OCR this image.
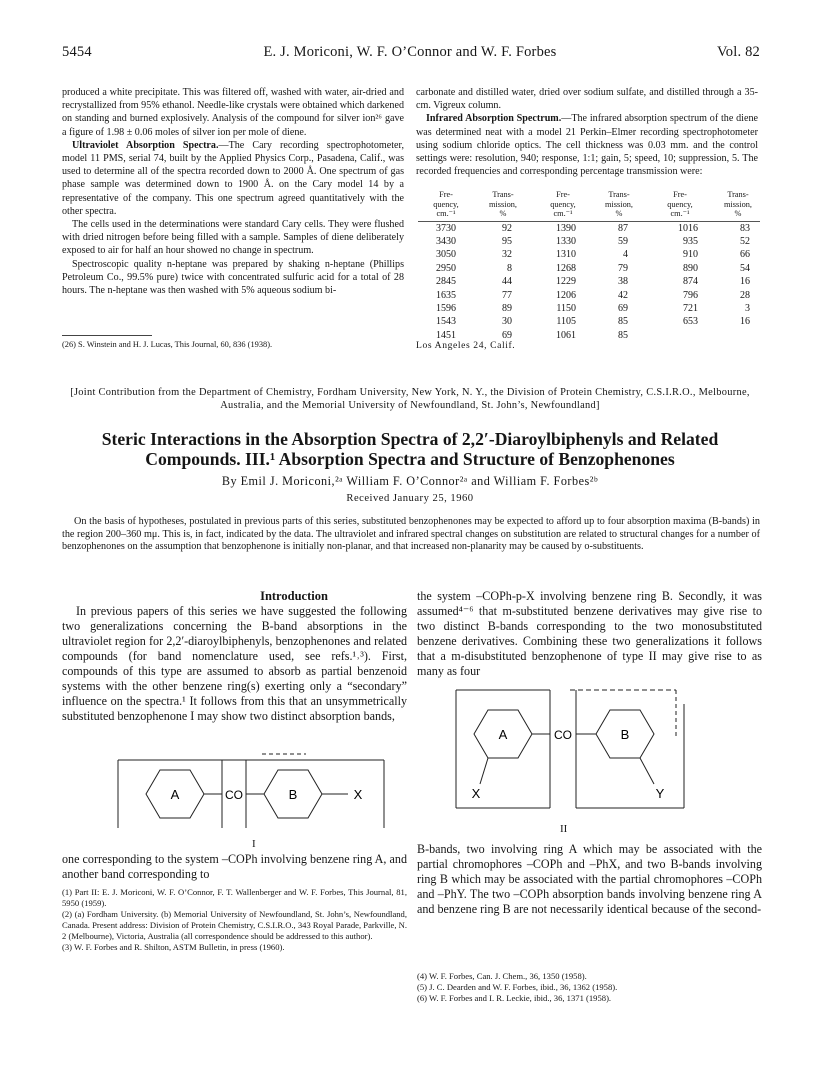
5454	E. J. Moriconi, W. F. O’Connor and W. F. Forbes	Vol. 82

produced a white precipitate. This was filtered off, washed with water, air-dried and recrystallized from 95% ethanol. Needle-like crystals were obtained which darkened on standing and burned explosively. Analysis of the compound for silver ion²⁶ gave a figure of 1.98 ± 0.06 moles of silver ion per mole of diene.

Ultraviolet Absorption Spectra.—The Cary recording spectrophotometer, model 11 PMS, serial 74, built by the Applied Physics Corp., Pasadena, Calif., was used to determine all of the spectra recorded down to 2000 Å. One spectrum of gas phase sample was determined down to 1900 Å. on the Cary model 14 by a representative of the company. This one spectrum agreed quantitatively with the other spectra.

The cells used in the determinations were standard Cary cells. They were flushed with dried nitrogen before being filled with a sample. Samples of diene deliberately exposed to air for half an hour showed no change in spectrum.

Spectroscopic quality n-heptane was prepared by shaking n-heptane (Phillips Petroleum Co., 99.5% pure) twice with concentrated sulfuric acid for a total of 28 hours. The n-heptane was then washed with 5% aqueous sodium bi-

(26) S. Winstein and H. J. Lucas, This Journal, 60, 836 (1938).

carbonate and distilled water, dried over sodium sulfate, and distilled through a 35-cm. Vigreux column.

Infrared Absorption Spectrum.—The infrared absorption spectrum of the diene was determined neat with a model 21 Perkin–Elmer recording spectrophotometer using sodium chloride optics. The cell thickness was 0.03 mm. and the control settings were: resolution, 940; response, 1:1; gain, 5; speed, 10; suppression, 5. The recorded frequencies and corresponding percentage transmission were:

Fre-
quency,
cm.⁻¹	Trans-
mission,
%	Fre-
quency,
cm.⁻¹	Trans-
mission,
%	Fre-
quency,
cm.⁻¹	Trans-
mission,
%
3730	92	1390	87	1016	83
3430	95	1330	59	935	52
3050	32	1310	4	910	66
2950	8	1268	79	890	54
2845	44	1229	38	874	16
1635	77	1206	42	796	28
1596	89	1150	69	721	3
1543	30	1105	85	653	16
1451	69	1061	85		
Los Angeles 24, Calif.
[Joint Contribution from the Department of Chemistry, Fordham University, New York, N. Y., the Division of Protein Chemistry, C.S.I.R.O., Melbourne, Australia, and the Memorial University of Newfoundland, St. John’s, Newfoundland]
Steric Interactions in the Absorption Spectra of 2,2′-Diaroylbiphenyls and Related Compounds. III.¹ Absorption Spectra and Structure of Benzophenones
By Emil J. Moriconi,²ᵃ William F. O’Connor²ᵃ and William F. Forbes²ᵇ
Received January 25, 1960
On the basis of hypotheses, postulated in previous parts of this series, substituted benzophenones may be expected to afford up to four absorption maxima (B-bands) in the region 200–360 mμ. This is, in fact, indicated by the data. The ultraviolet and infrared spectral changes on substitution are related to structural changes for a number of benzophenones on the assumption that benzophenone is initially non-planar, and that increased non-planarity may be caused by o-substituents.
Introduction

In previous papers of this series we have suggested the following two generalizations concerning the B-band absorptions in the ultraviolet region for 2,2′-diaroylbiphenyls, benzophenones and related compounds (for band nomenclature used, see refs.¹˒³). First, compounds of this type are assumed to absorb as partial benzenoid systems with the other benzene ring(s) exerting only a “secondary” influence on the spectra.¹ It follows from this that an unsymmetrically substituted benzophenone I may show two distinct absorption bands,

A	CO	B	X
I

one corresponding to the system –COPh involving benzene ring A, and another band corresponding to

(1) Part II: E. J. Moriconi, W. F. O’Connor, F. T. Wallenberger and W. F. Forbes, This Journal, 81, 5950 (1959).

(2) (a) Fordham University. (b) Memorial University of Newfoundland, St. John’s, Newfoundland, Canada. Present address: Division of Protein Chemistry, C.S.I.R.O., 343 Royal Parade, Parkville, N. 2 (Melbourne), Victoria, Australia (all correspondence should be addressed to this author).

(3) W. F. Forbes and R. Shilton, ASTM Bulletin, in press (1960).

the system –COPh-p-X involving benzene ring B. Secondly, it was assumed⁴⁻⁶ that m-substituted benzene derivatives may give rise to two distinct B-bands corresponding to the two monosubstituted benzene derivatives. Combining these two generalizations it follows that a m-disubstituted benzophenone of type II may give rise to as many as four

A	CO	B
X	Y
II

B-bands, two involving ring A which may be associated with the partial chromophores –COPh and –PhX, and two B-bands involving ring B which may be associated with the partial chromophores –COPh and –PhY. The two –COPh absorption bands involving benzene ring A and benzene ring B are not necessarily identical because of the second-

(4) W. F. Forbes, Can. J. Chem., 36, 1350 (1958).

(5) J. C. Dearden and W. F. Forbes, ibid., 36, 1362 (1958).

(6) W. F. Forbes and I. R. Leckie, ibid., 36, 1371 (1958).
